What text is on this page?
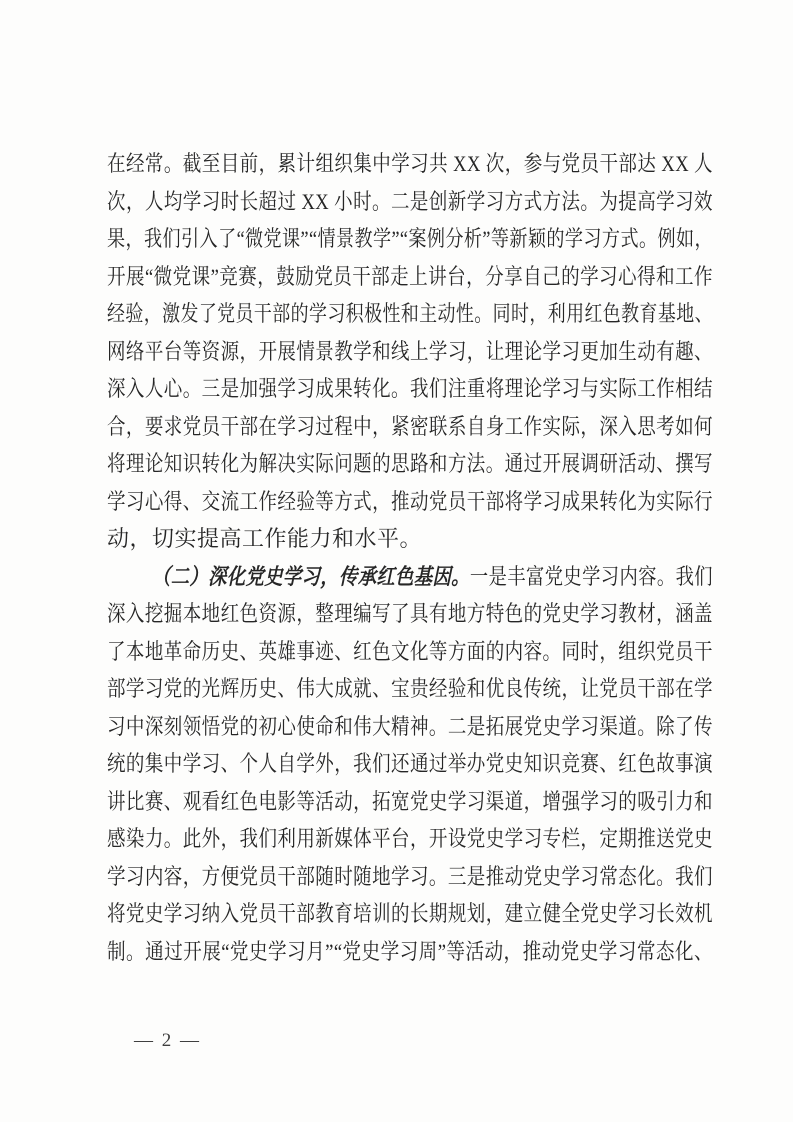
在经常。截至目前，累计组织集中学习共 XX 次，参与党员干部达 XX 人
次，人均学习时长超过 XX 小时。二是创新学习方式方法。为提高学习效
果，我们引入了“微党课”“情景教学”“案例分析”等新颖的学习方式。例如，
开展“微党课”竞赛，鼓励党员干部走上讲台，分享自己的学习心得和工作
经验，激发了党员干部的学习积极性和主动性。同时，利用红色教育基地、
网络平台等资源，开展情景教学和线上学习，让理论学习更加生动有趣、
深入人心。三是加强学习成果转化。我们注重将理论学习与实际工作相结
合，要求党员干部在学习过程中，紧密联系自身工作实际，深入思考如何
将理论知识转化为解决实际问题的思路和方法。通过开展调研活动、撰写
学习心得、交流工作经验等方式，推动党员干部将学习成果转化为实际行
动，切实提高工作能力和水平。
（二）深化党史学习，传承红色基因。一是丰富党史学习内容。我们
深入挖掘本地红色资源，整理编写了具有地方特色的党史学习教材，涵盖
了本地革命历史、英雄事迹、红色文化等方面的内容。同时，组织党员干
部学习党的光辉历史、伟大成就、宝贵经验和优良传统，让党员干部在学
习中深刻领悟党的初心使命和伟大精神。二是拓展党史学习渠道。除了传
统的集中学习、个人自学外，我们还通过举办党史知识竞赛、红色故事演
讲比赛、观看红色电影等活动，拓宽党史学习渠道，增强学习的吸引力和
感染力。此外，我们利用新媒体平台，开设党史学习专栏，定期推送党史
学习内容，方便党员干部随时随地学习。三是推动党史学习常态化。我们
将党史学习纳入党员干部教育培训的长期规划，建立健全党史学习长效机
制。通过开展“党史学习月”“党史学习周”等活动，推动党史学习常态化、
— 2 —
